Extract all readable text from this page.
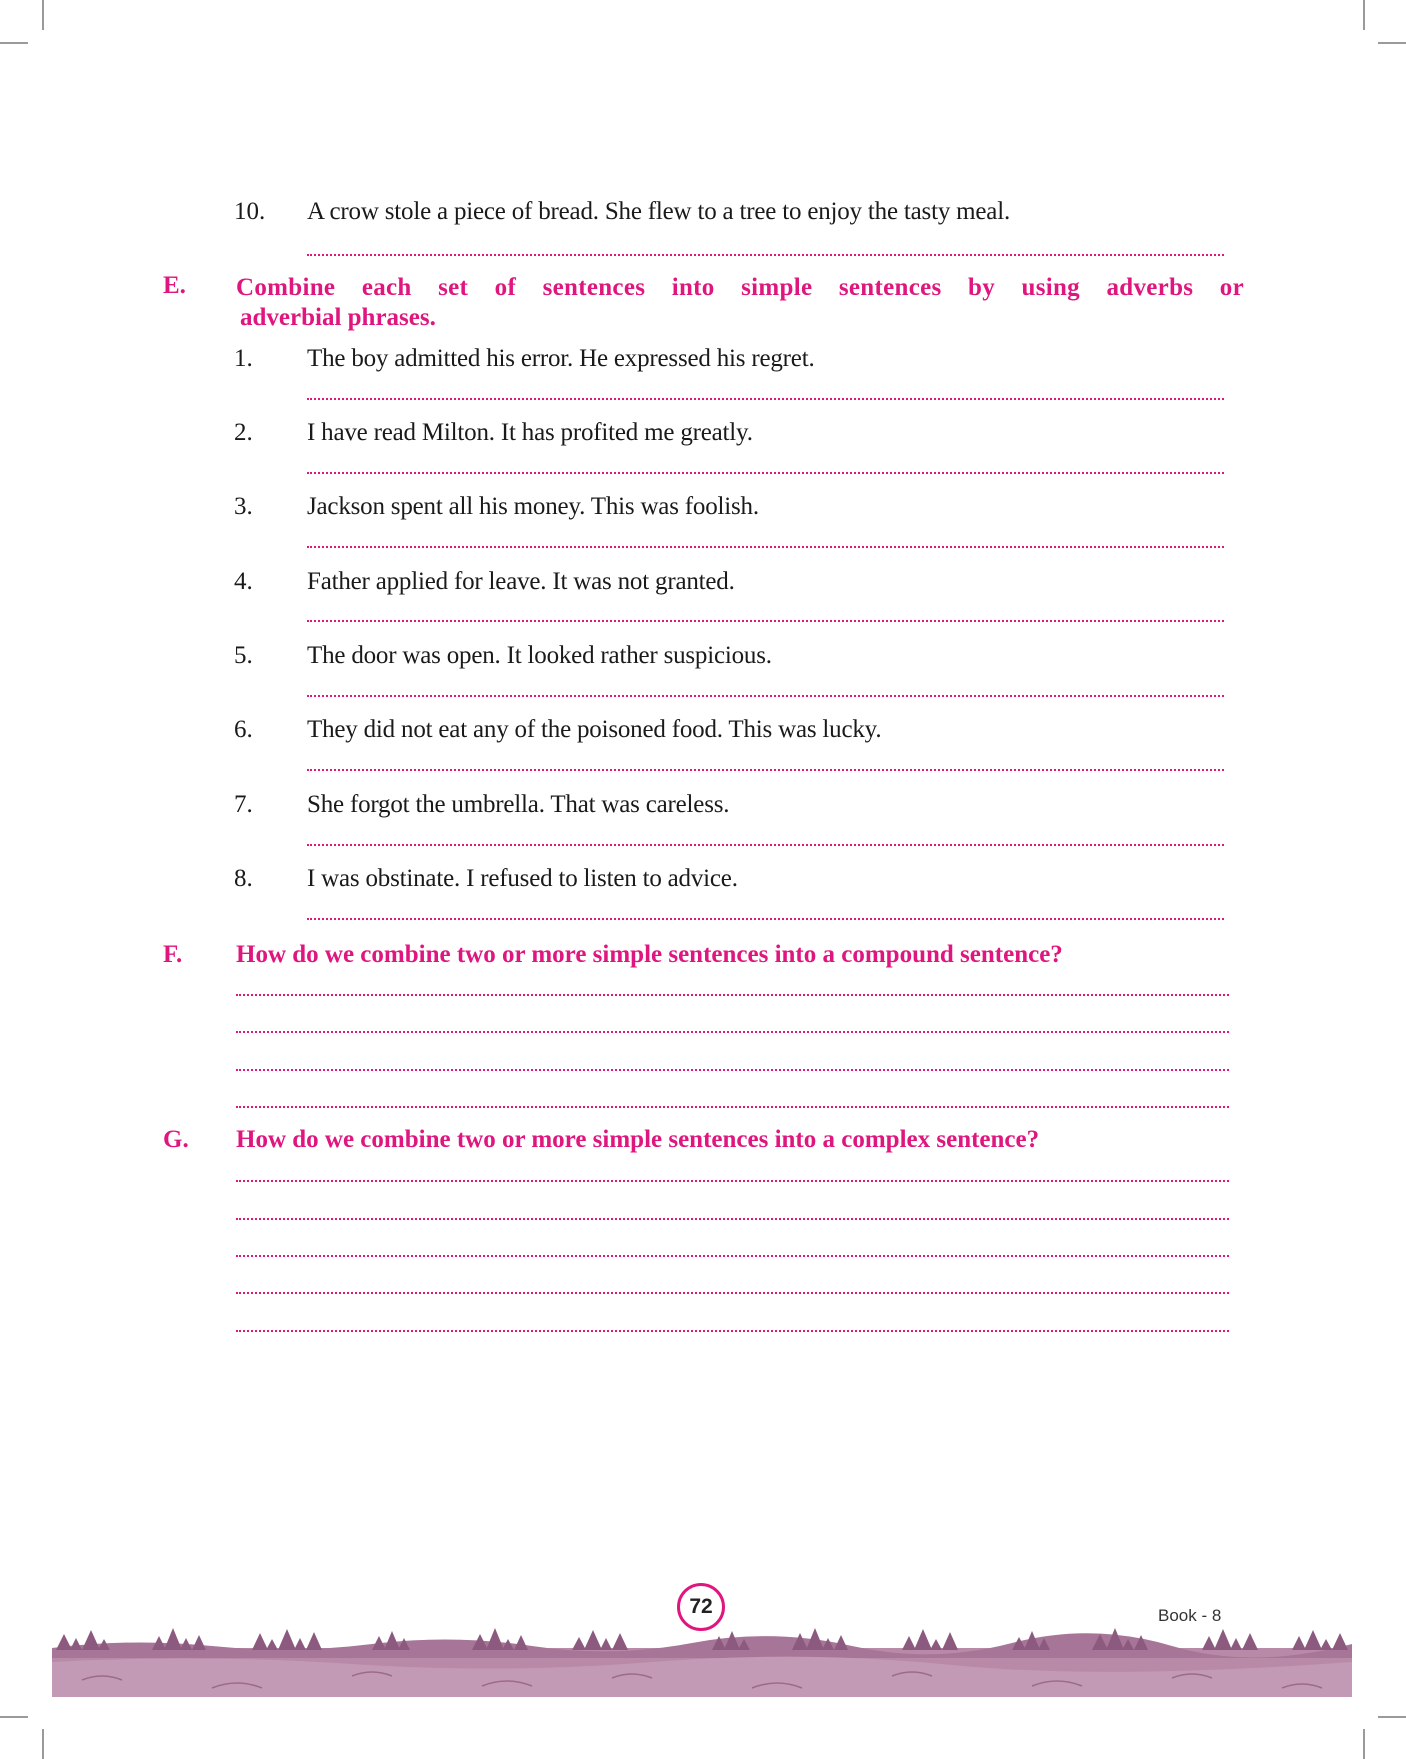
10. A crow stole a piece of bread. She flew to a tree to enjoy the tasty meal.
E. Combine each set of sentences into simple sentences by using adverbs or
adverbial phrases.
1. The boy admitted his error. He expressed his regret.
2. I have read Milton. It has profited me greatly.
3. Jackson spent all his money. This was foolish.
4. Father applied for leave. It was not granted.
5. The door was open. It looked rather suspicious.
6. They did not eat any of the poisoned food. This was lucky.
7. She forgot the umbrella. That was careless.
8. I was obstinate. I refused to listen to advice.
F. How do we combine two or more simple sentences into a compound sentence?
G. How do we combine two or more simple sentences into a complex sentence?
72	Book - 8
